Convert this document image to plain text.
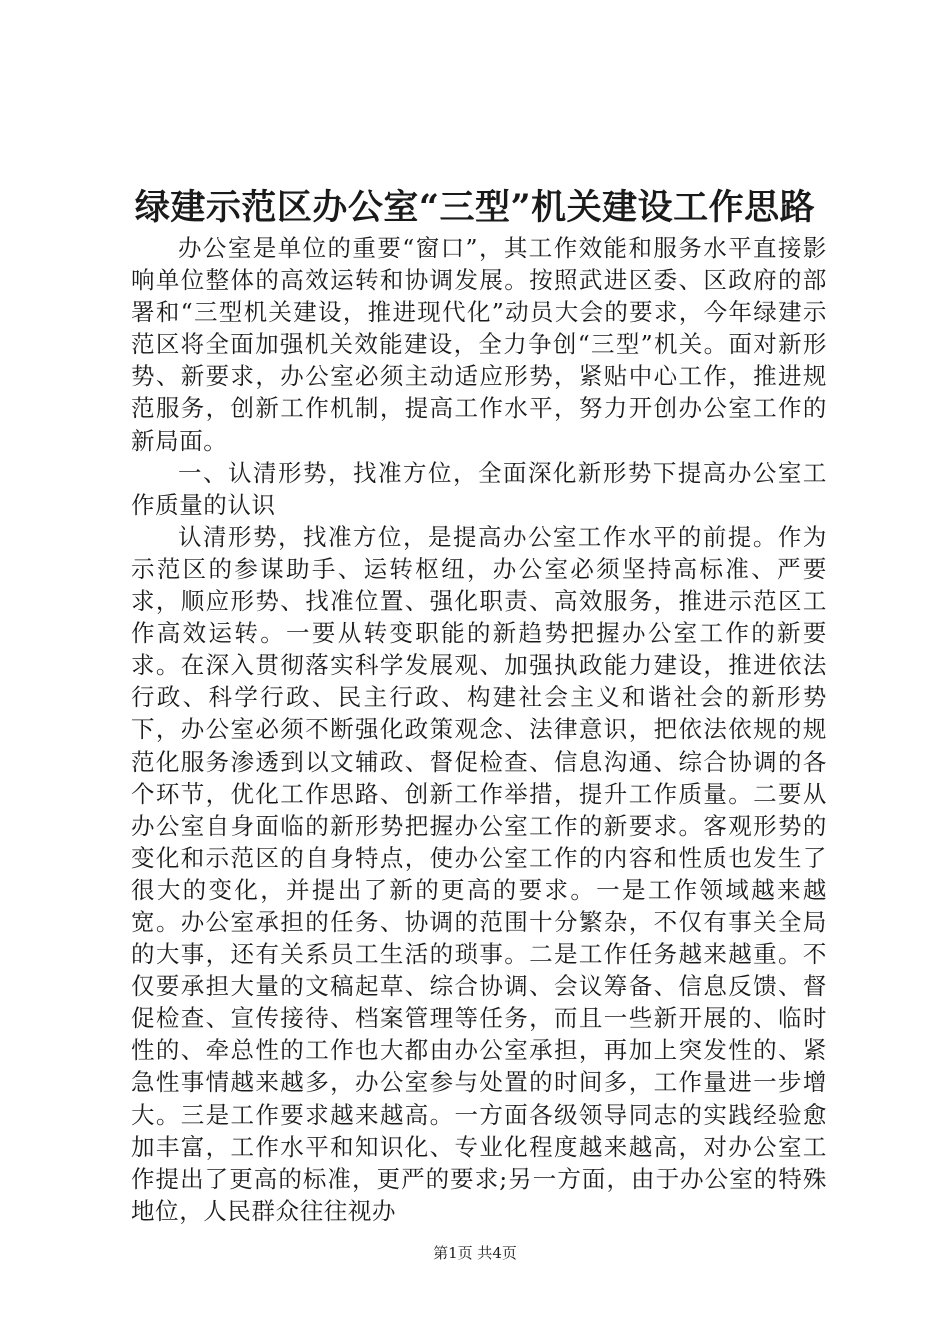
绿建示范区办公室“三型”机关建设工作思路

办公室是单位的重要“窗口”，其工作效能和服务水平直接影响单位整体的高效运转和协调发展。按照武进区委、区政府的部署和“三型机关建设，推进现代化”动员大会的要求，今年绿建示范区将全面加强机关效能建设，全力争创“三型”机关。面对新形势、新要求，办公室必须主动适应形势，紧贴中心工作，推进规范服务，创新工作机制，提高工作水平，努力开创办公室工作的新局面。

一、认清形势，找准方位，全面深化新形势下提高办公室工作质量的认识

认清形势，找准方位，是提高办公室工作水平的前提。作为示范区的参谋助手、运转枢纽，办公室必须坚持高标准、严要求，顺应形势、找准位置、强化职责、高效服务，推进示范区工作高效运转。一要从转变职能的新趋势把握办公室工作的新要求。在深入贯彻落实科学发展观、加强执政能力建设，推进依法行政、科学行政、民主行政、构建社会主义和谐社会的新形势下，办公室必须不断强化政策观念、法律意识，把依法依规的规范化服务渗透到以文辅政、督促检查、信息沟通、综合协调的各个环节，优化工作思路、创新工作举措，提升工作质量。二要从办公室自身面临的新形势把握办公室工作的新要求。客观形势的变化和示范区的自身特点，使办公室工作的内容和性质也发生了很大的变化，并提出了新的更高的要求。一是工作领域越来越宽。办公室承担的任务、协调的范围十分繁杂，不仅有事关全局的大事，还有关系员工生活的琐事。二是工作任务越来越重。不仅要承担大量的文稿起草、综合协调、会议筹备、信息反馈、督促检查、宣传接待、档案管理等任务，而且一些新开展的、临时性的、牵总性的工作也大都由办公室承担，再加上突发性的、紧急性事情越来越多，办公室参与处置的时间多，工作量进一步增大。三是工作要求越来越高。一方面各级领导同志的实践经验愈加丰富，工作水平和知识化、专业化程度越来越高，对办公室工作提出了更高的标准，更严的要求;另一方面，由于办公室的特殊地位，人民群众往往视办

第1页 共4页
